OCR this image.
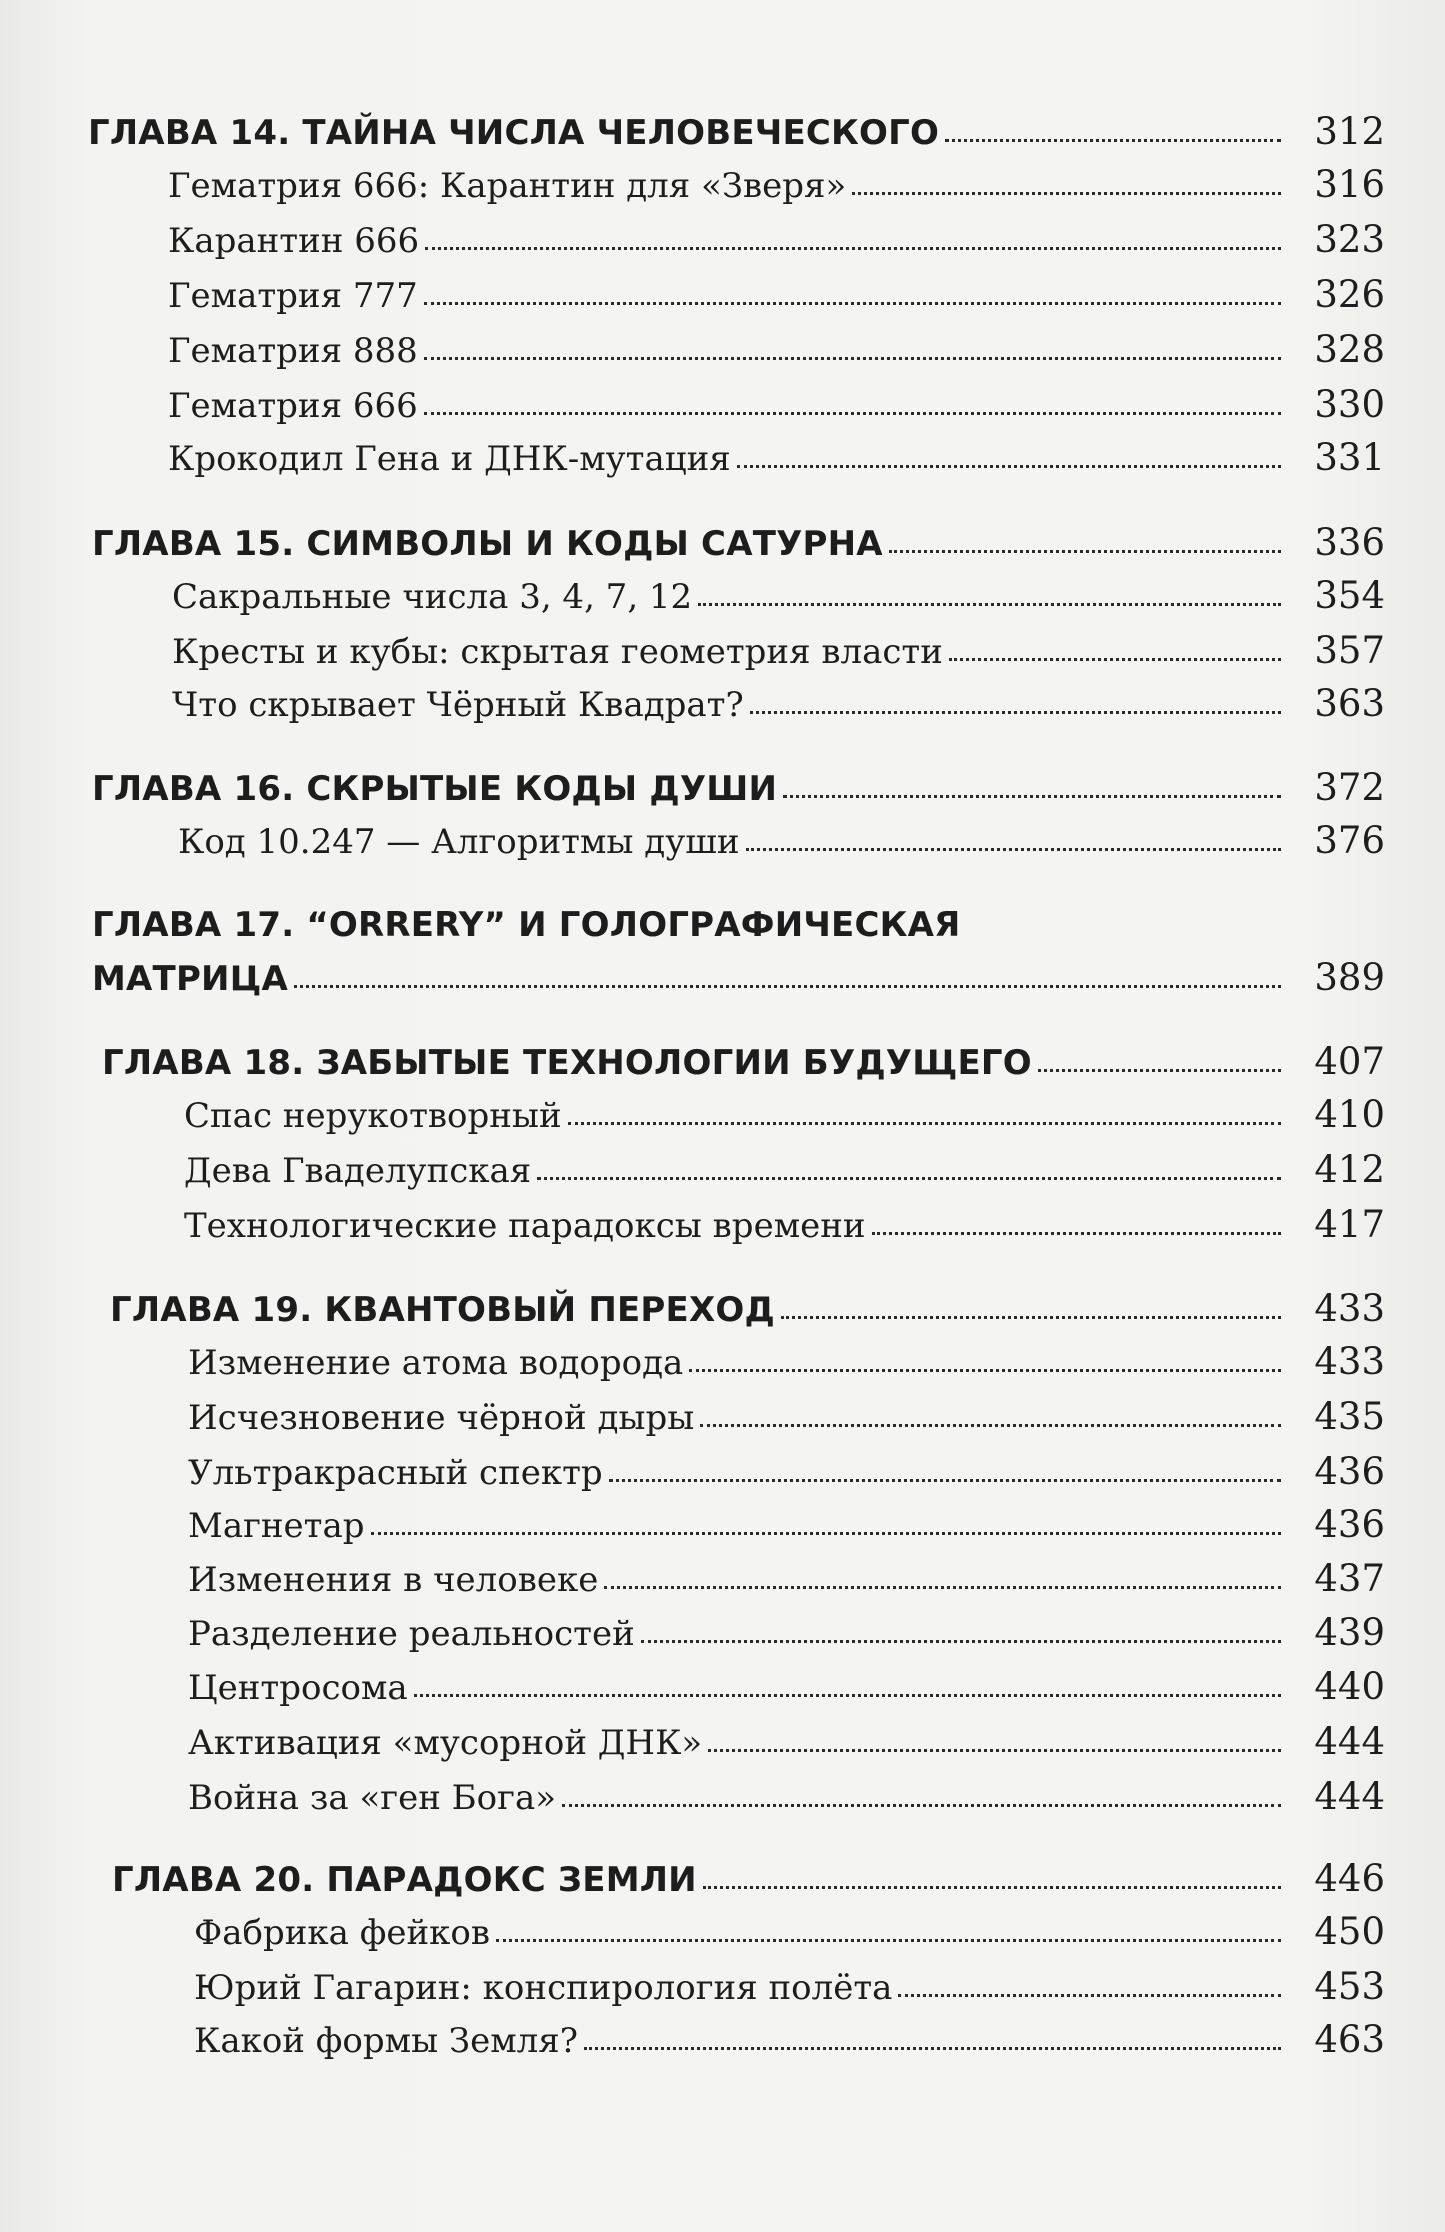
ГЛАВА 14. ТАЙНА ЧИСЛА ЧЕЛОВЕЧЕСКОГО	312
Гематрия 666: Карантин для «Зверя»	316
Карантин 666	323
Гематрия 777	326
Гематрия 888	328
Гематрия 666	330
Крокодил Гена и ДНК-мутация	331
ГЛАВА 15. СИМВОЛЫ И КОДЫ САТУРНА	336
Сакральные числа 3, 4, 7, 12	354
Кресты и кубы: скрытая геометрия власти	357
Что скрывает Чёрный Квадрат?	363
ГЛАВА 16. СКРЫТЫЕ КОДЫ ДУШИ	372
Код 10.247 — Алгоритмы души	376
ГЛАВА 17. “ORRERY” И ГОЛОГРАФИЧЕСКАЯ
МАТРИЦА	389
ГЛАВА 18. ЗАБЫТЫЕ ТЕХНОЛОГИИ БУДУЩЕГО	407
Спас нерукотворный	410
Дева Гваделупская	412
Технологические парадоксы времени	417
ГЛАВА 19. КВАНТОВЫЙ ПЕРЕХОД	433
Изменение атома водорода	433
Исчезновение чёрной дыры	435
Ультракрасный спектр	436
Магнетар	436
Изменения в человеке	437
Разделение реальностей	439
Центросома	440
Активация «мусорной ДНК»	444
Война за «ген Бога»	444
ГЛАВА 20. ПАРАДОКС ЗЕМЛИ	446
Фабрика фейков	450
Юрий Гагарин: конспирология полёта	453
Какой формы Земля?	463
